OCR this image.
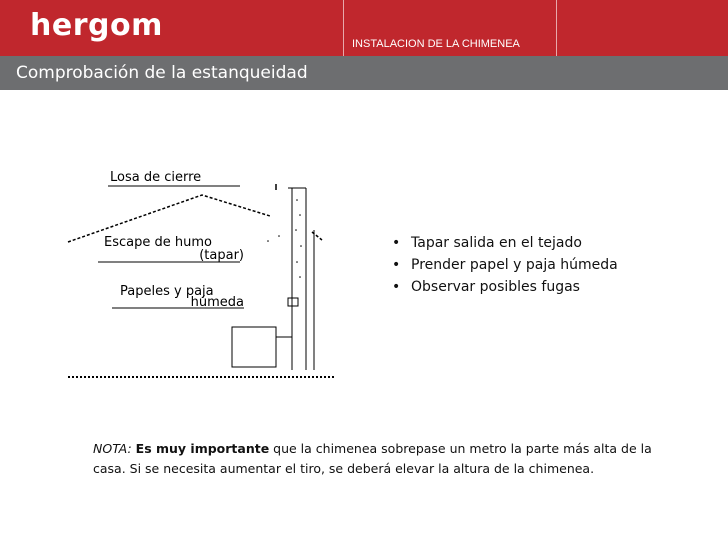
hergom
INSTALACION DE LA CHIMENEA
Comprobación de la estanqueidad
Losa de cierre
Escape de humo
(tapar)
Papeles y paja
húmeda
• Tapar salida en el tejado
• Prender papel y paja húmeda
• Observar posibles fugas
NOTA: Es muy importante que la chimenea sobrepase un metro la parte más alta de la casa. Si se necesita aumentar el tiro, se deberá elevar la altura de la chimenea.
